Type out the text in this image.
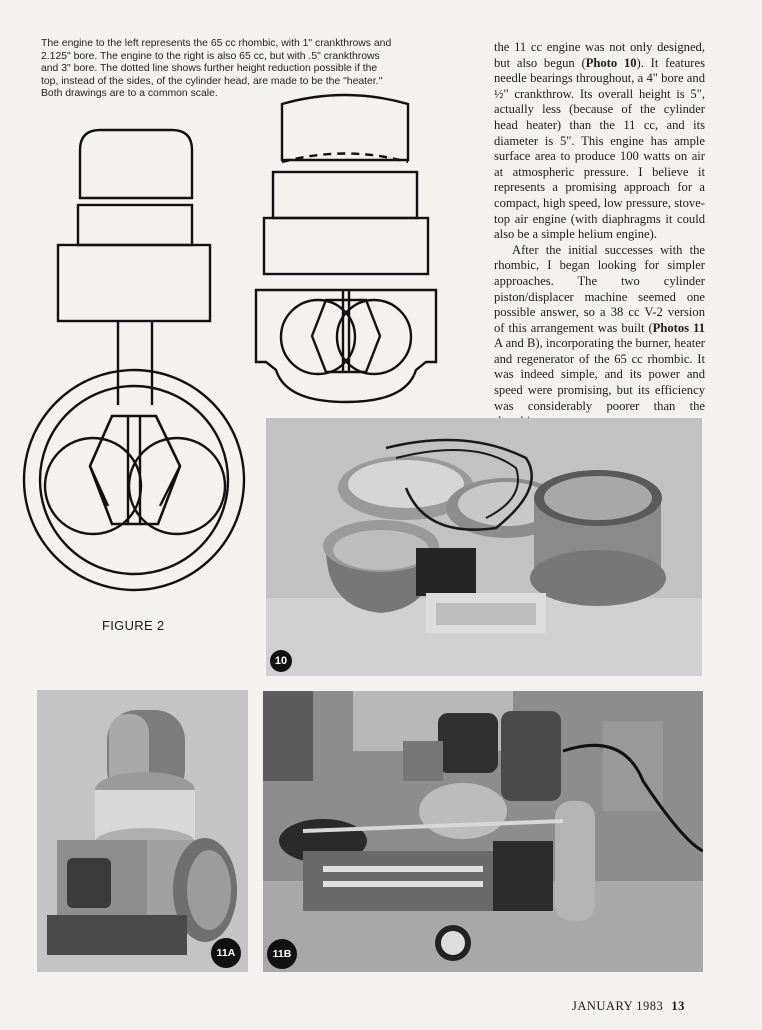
The engine to the left represents the 65 cc rhombic, with 1" crankthrows and
2.125" bore. The engine to the right is also 65 cc, but with .5" crankthrows
and 3" bore. The dotted line shows further height reduction possible if the
top, instead of the sides, of the cylinder head, are made to be the "heater."
Both drawings are to a common scale.
FIGURE 2

the 11 cc engine was not only designed, but also begun (Photo 10). It features needle bearings throughout, a 4" bore and ½" crankthrow. Its overall height is 5", actually less (because of the cylinder head heater) than the 11 cc, and its diameter is 5". This engine has ample surface area to produce 100 watts on air at atmospheric pressure. I believe it represents a promising approach for a compact, high speed, low pressure, stove-top air engine (with diaphragms it could also be a simple helium engine).

After the initial successes with the rhombic, I began looking for simpler approaches. The two cylinder piston/displacer machine seemed one possible answer, so a 38 cc V-2 version of this arrangement was built (Photos 11 A and B), incorporating the burner, heater and regenerator of the 65 cc rhombic. It was indeed simple, and its power and speed were promising, but its efficiency was considerably poorer than the

10
11A	11B
JANUARY 1983 13
